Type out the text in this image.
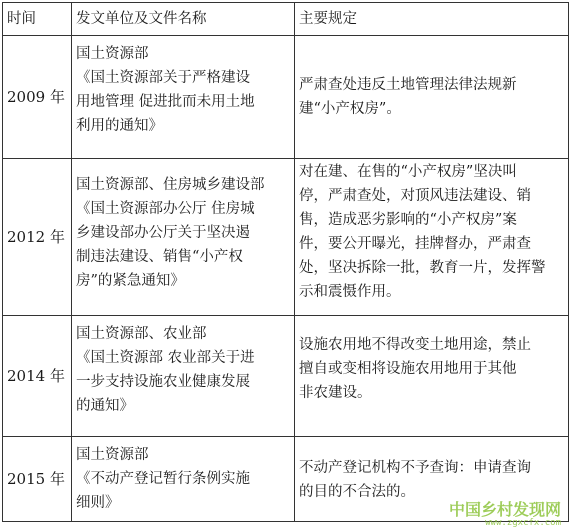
时间	发文单位及文件名称	主要规定
2009 年
国土资源部
《国土资源部关于严格建设
用地管理 促进批而未用土地
利用的通知》
严肃查处违反土地管理法律法规新
建“小产权房”。
2012 年
国土资源部、住房城乡建设部
《国土资源部办公厅 住房城
乡建设部办公厅关于坚决遏
制违法建设、销售“小产权
房”的紧急通知》
对在建、在售的“小产权房”坚决叫
停，严肃查处，对顶风违法建设、销
售，造成恶劣影响的“小产权房”案
件，要公开曝光，挂牌督办，严肃查
处，坚决拆除一批，教育一片，发挥警
示和震慑作用。
2014 年
国土资源部、农业部
《国土资源部 农业部关于进
一步支持设施农业健康发展
的通知》
设施农用地不得改变土地用途，禁止
擅自或变相将设施农用地用于其他
非农建设。
2015 年
国土资源部
《不动产登记暂行条例实施
细则》
不动产登记机构不予查询：申请查询
的目的不合法的。
中国乡村发现网
www.zgxcfx.com
